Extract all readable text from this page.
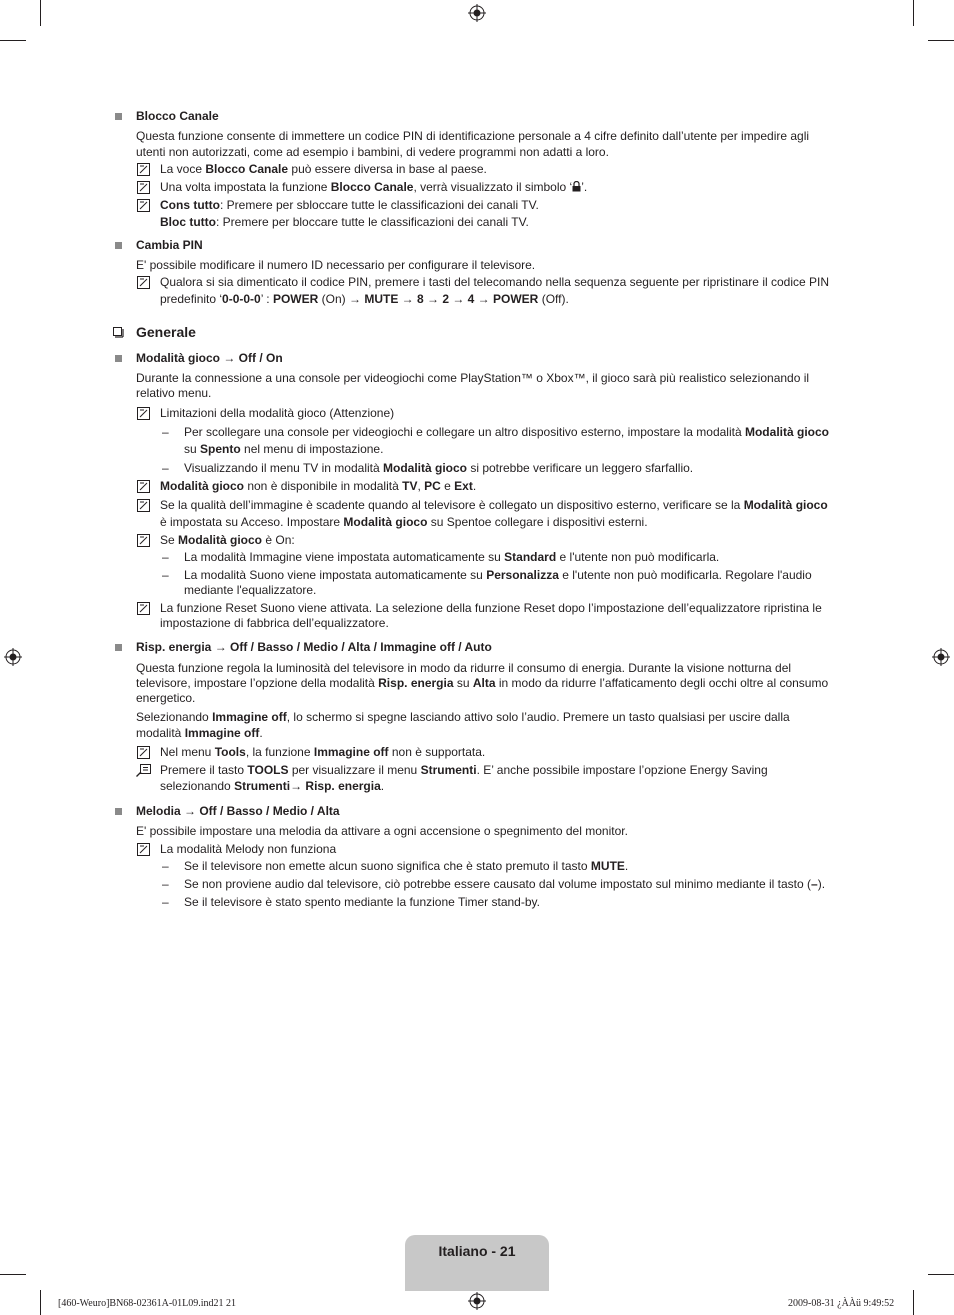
Blocco Canale
Questa funzione consente di immettere un codice PIN di identificazione personale a 4 cifre definito dall’utente per impedire agli
utenti non autorizzati, come ad esempio i bambini, di vedere programmi non adatti a loro.
La voce Blocco Canale può essere diversa in base al paese.
Una volta impostata la funzione Blocco Canale, verrà visualizzato il simbolo ‘ ’.
Cons tutto: Premere per sbloccare tutte le classificazioni dei canali TV.
Bloc tutto: Premere per bloccare tutte le classificazioni dei canali TV.
Cambia PIN
E' possibile modificare il numero ID necessario per configurare il televisore.
Qualora si sia dimenticato il codice PIN, premere i tasti del telecomando nella sequenza seguente per ripristinare il codice PIN
predefinito ‘0-0-0-0’ : POWER (On) → MUTE → 8 → 2 → 4 → POWER (Off).
Generale
Modalità gioco → Off / On
Durante la connessione a una console per videogiochi come PlayStation™ o Xbox™, il gioco sarà più realistico selezionando il
relativo menu.
Limitazioni della modalità gioco (Attenzione)
– Per scollegare una console per videogiochi e collegare un altro dispositivo esterno, impostare la modalità Modalità gioco
su Spento nel menu di impostazione.
– Visualizzando il menu TV in modalità Modalità gioco si potrebbe verificare un leggero sfarfallio.
Modalità gioco non è disponibile in modalità TV, PC e Ext.
Se la qualità dell’immagine è scadente quando al televisore è collegato un dispositivo esterno, verificare se la Modalità gioco
è impostata su Acceso. Impostare Modalità gioco su Spentoe collegare i dispositivi esterni.
Se Modalità gioco è On:
– La modalità Immagine viene impostata automaticamente su Standard e l'utente non può modificarla.
– La modalità Suono viene impostata automaticamente su Personalizza e l'utente non può modificarla. Regolare l'audio
mediante l'equalizzatore.
La funzione Reset Suono viene attivata. La selezione della funzione Reset dopo l’impostazione dell’equalizzatore ripristina le
impostazione di fabbrica dell’equalizzatore.
Risp. energia → Off / Basso / Medio / Alta / Immagine off / Auto
Questa funzione regola la luminosità del televisore in modo da ridurre il consumo di energia. Durante la visione notturna del
televisore, impostare l’opzione della modalità Risp. energia su Alta in modo da ridurre l’affaticamento degli occhi oltre al consumo
energetico.
Selezionando Immagine off, lo schermo si spegne lasciando attivo solo l’audio. Premere un tasto qualsiasi per uscire dalla
modalità Immagine off.
Nel menu Tools, la funzione Immagine off non è supportata.
Premere il tasto TOOLS per visualizzare il menu Strumenti. E’ anche possibile impostare l’opzione Energy Saving
selezionando Strumenti→ Risp. energia.
Melodia → Off / Basso / Medio / Alta
E' possibile impostare una melodia da attivare a ogni accensione o spegnimento del monitor.
La modalità Melody non funziona
– Se il televisore non emette alcun suono significa che è stato premuto il tasto MUTE.
– Se non proviene audio dal televisore, ciò potrebbe essere causato dal volume impostato sul minimo mediante il tasto (–).
– Se il televisore è stato spento mediante la funzione Timer stand-by.
Italiano - 21
[460-Weuro]BN68-02361A-01L09.ind21 21	2009-08-31 ¿ÀÀü 9:49:52
